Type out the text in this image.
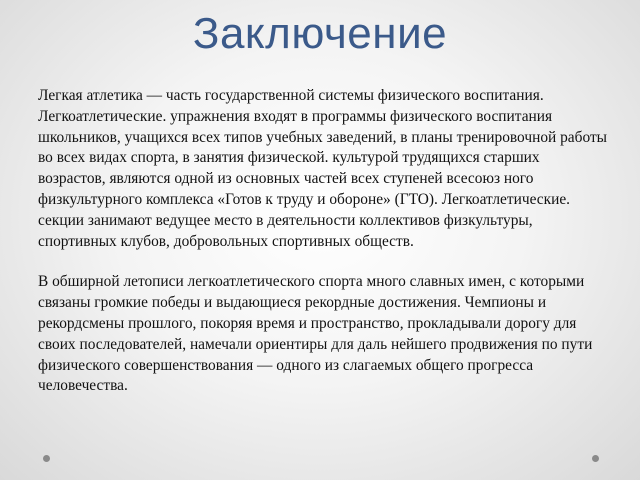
Заключение

Легкая атлетика — часть государственной системы физического воспитания. Легкоатлетические. упражнения входят в программы физического воспитания школьников, учащихся всех типов учебных заведений, в планы тренировочной работы во всех видах спорта, в занятия физической. культурой трудящихся старших возрастов, являются одной из основных частей всех ступеней всесоюз ного физкультурного комплекса «Готов к труду и обороне» (ГТО). Легкоатлетические. секции занимают ведущее место в деятельности коллективов физкультуры, спортивных клубов, добровольных спортивных обществ.

В обширной летописи легкоатлетического спорта много славных имен, с которыми связаны громкие победы и выдающиеся рекордные достижения. Чемпионы и рекордсмены прошлого, покоряя время и пространство, прокладывали дорогу для своих последователей, намечали ориентиры для даль нейшего продвижения по пути физического совершенствования — одного из слагаемых общего прогресса человечества.
